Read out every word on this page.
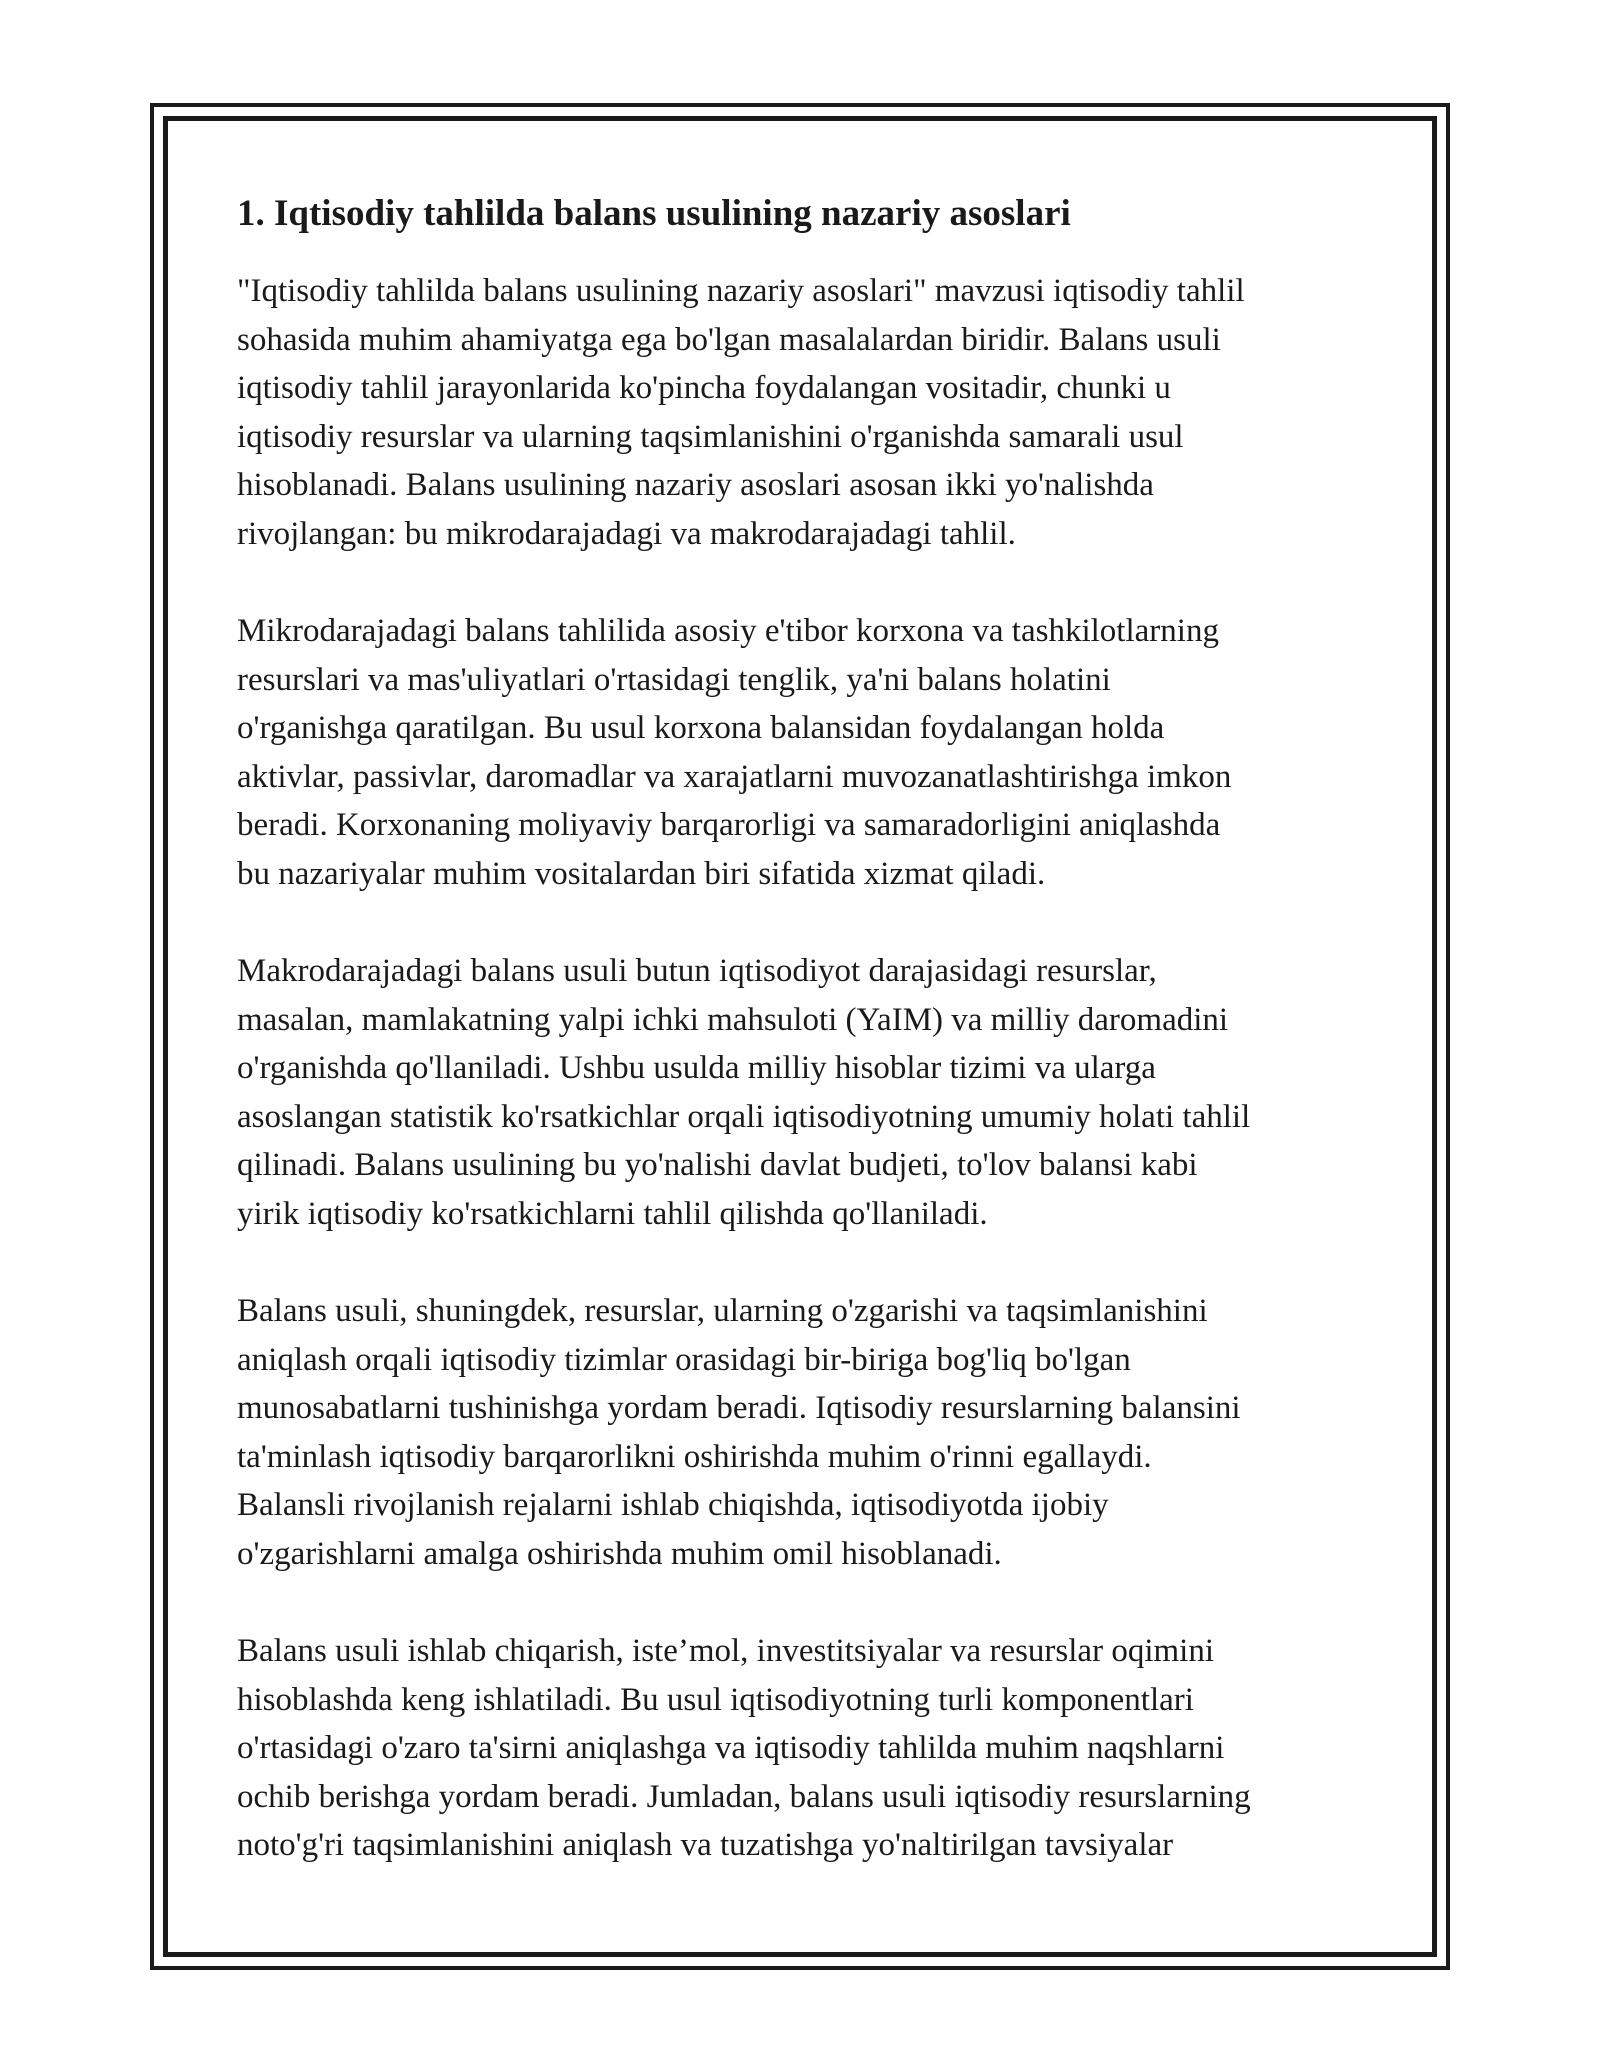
1. Iqtisodiy tahlilda balans usulining nazariy asoslari

"Iqtisodiy tahlilda balans usulining nazariy asoslari" mavzusi iqtisodiy tahlil
sohasida muhim ahamiyatga ega bo'lgan masalalardan biridir. Balans usuli
iqtisodiy tahlil jarayonlarida ko'pincha foydalangan vositadir, chunki u
iqtisodiy resurslar va ularning taqsimlanishini o'rganishda samarali usul
hisoblanadi. Balans usulining nazariy asoslari asosan ikki yo'nalishda
rivojlangan: bu mikrodarajadagi va makrodarajadagi tahlil.

Mikrodarajadagi balans tahlilida asosiy e'tibor korxona va tashkilotlarning
resurslari va mas'uliyatlari o'rtasidagi tenglik, ya'ni balans holatini
o'rganishga qaratilgan. Bu usul korxona balansidan foydalangan holda
aktivlar, passivlar, daromadlar va xarajatlarni muvozanatlashtirishga imkon
beradi. Korxonaning moliyaviy barqarorligi va samaradorligini aniqlashda
bu nazariyalar muhim vositalardan biri sifatida xizmat qiladi.

Makrodarajadagi balans usuli butun iqtisodiyot darajasidagi resurslar,
masalan, mamlakatning yalpi ichki mahsuloti (YaIM) va milliy daromadini
o'rganishda qo'llaniladi. Ushbu usulda milliy hisoblar tizimi va ularga
asoslangan statistik ko'rsatkichlar orqali iqtisodiyotning umumiy holati tahlil
qilinadi. Balans usulining bu yo'nalishi davlat budjeti, to'lov balansi kabi
yirik iqtisodiy ko'rsatkichlarni tahlil qilishda qo'llaniladi.

Balans usuli, shuningdek, resurslar, ularning o'zgarishi va taqsimlanishini
aniqlash orqali iqtisodiy tizimlar orasidagi bir-biriga bog'liq bo'lgan
munosabatlarni tushinishga yordam beradi. Iqtisodiy resurslarning balansini
ta'minlash iqtisodiy barqarorlikni oshirishda muhim o'rinni egallaydi.
Balansli rivojlanish rejalarni ishlab chiqishda, iqtisodiyotda ijobiy
o'zgarishlarni amalga oshirishda muhim omil hisoblanadi.

Balans usuli ishlab chiqarish, iste’mol, investitsiyalar va resurslar oqimini
hisoblashda keng ishlatiladi. Bu usul iqtisodiyotning turli komponentlari
o'rtasidagi o'zaro ta'sirni aniqlashga va iqtisodiy tahlilda muhim naqshlarni
ochib berishga yordam beradi. Jumladan, balans usuli iqtisodiy resurslarning
noto'g'ri taqsimlanishini aniqlash va tuzatishga yo'naltirilgan tavsiyalar
